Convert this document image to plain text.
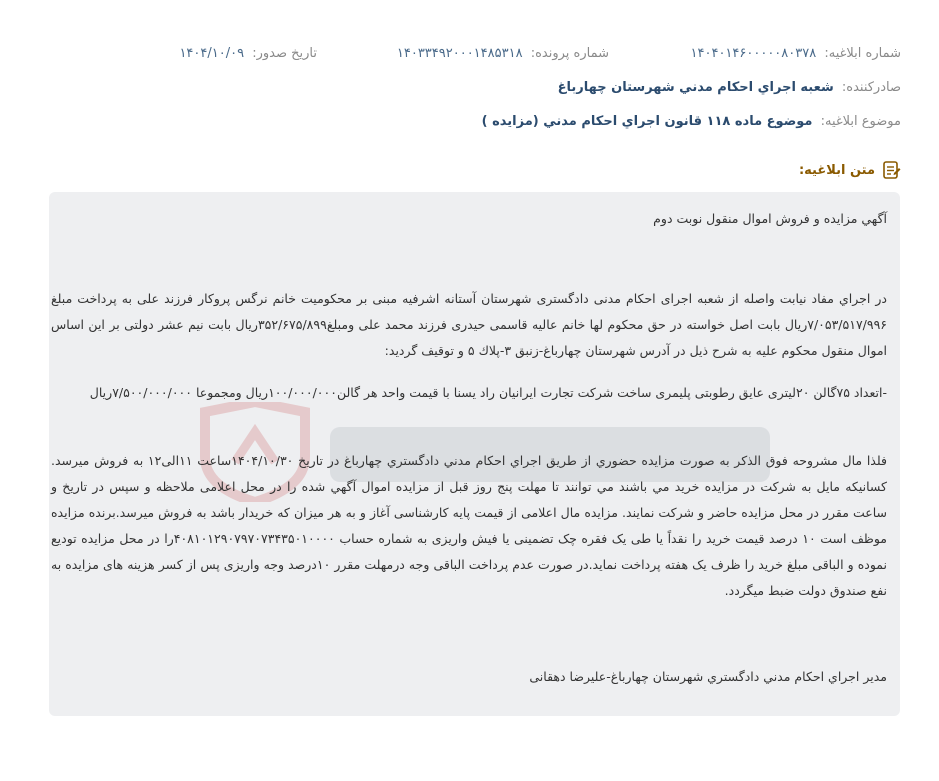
شماره ابلاغيه: ۱۴۰۴۰۱۴۶۰۰۰۰۰۸۰۳۷۸
شماره پرونده: ۱۴۰۳۳۴۹۲۰۰۰۱۴۸۵۳۱۸
تاريخ صدور: ۱۴۰۴/۱۰/۰۹
صادرکننده: شعبه اجراي احکام مدني شهرستان چهارباغ
موضوع ابلاغيه: موضوع ماده ۱۱۸ قانون اجراي احکام مدني (مزايده )
متن ابلاغيه:
آگهي مزايده و فروش اموال منقول نوبت دوم
در اجراي مفاد نيابت واصله از شعبه اجراى احكام مدنى دادگسترى شهرستان آستانه اشرفيه مبنى بر محكوميت خانم نرگس پروكار فرزند على به پرداخت مبلغ ۷/۰۵۳/۵۱۷/۹۹۶ريال بابت اصل خواسته در حق محكوم لها خانم عاليه قاسمى حيدرى فرزند محمد على ومبلغ۳۵۲/۶۷۵/۸۹۹ريال بابت نيم عشر دولتى بر اين اساس اموال منقول محكوم عليه به شرح ذيل در آدرس شهرستان چهارباغ-زنبق ۳-پلاك ۵ و توقيف گرديد:
-اتعداد ۷۵گالن ۲۰ليترى عايق رطوبتى پليمرى ساخت شركت تجارت ايرانيان راد يسنا با قيمت واحد هر گالن۱۰۰/۰۰۰/۰۰۰ريال ومجموعا ۷/۵۰۰/۰۰۰/۰۰۰ريال
فلذا مال مشروحه فوق الذكر به صورت مزايده حضوري از طريق اجراي احكام مدني دادگستري چهارباغ در تاريخ ۱۴۰۴/۱۰/۳۰ساعت ۱۱الى۱۲ به فروش ميرسد. كسانيكه مايل به شركت در مزايده خريد مي باشند مي توانند تا مهلت پنج روز قبل از مزايده اموال آگهي شده را در محل اعلامى ملاحظه و سپس در تاريخ و ساعت مقرر در محل مزايده حاضر و شركت نمايند. مزايده مال اعلامى از قيمت پايه كارشناسى آغاز و به هر ميزان كه خريدار باشد به فروش ميرسد.برنده مزايده موظف است ۱۰ درصد قيمت خريد را نقداً يا طى يک فقره چک تضمينى يا فيش واريزى به شماره حساب ۴۰۸۱۰۱۲۹۰۷۹۷۰۷۳۴۳۵۰۱۰۰۰۰را در محل مزايده توديع نموده و الباقى مبلغ خريد را ظرف يک هفته پرداخت نمايد.در صورت عدم پرداخت الباقى وجه درمهلت مقرر ۱۰درصد وجه واريزى پس از كسر هزينه هاى مزايده به نفع صندوق دولت ضبط ميگردد.
مدير اجراي احكام مدني دادگستري شهرستان چهارباغ-عليرضا دهقانى
